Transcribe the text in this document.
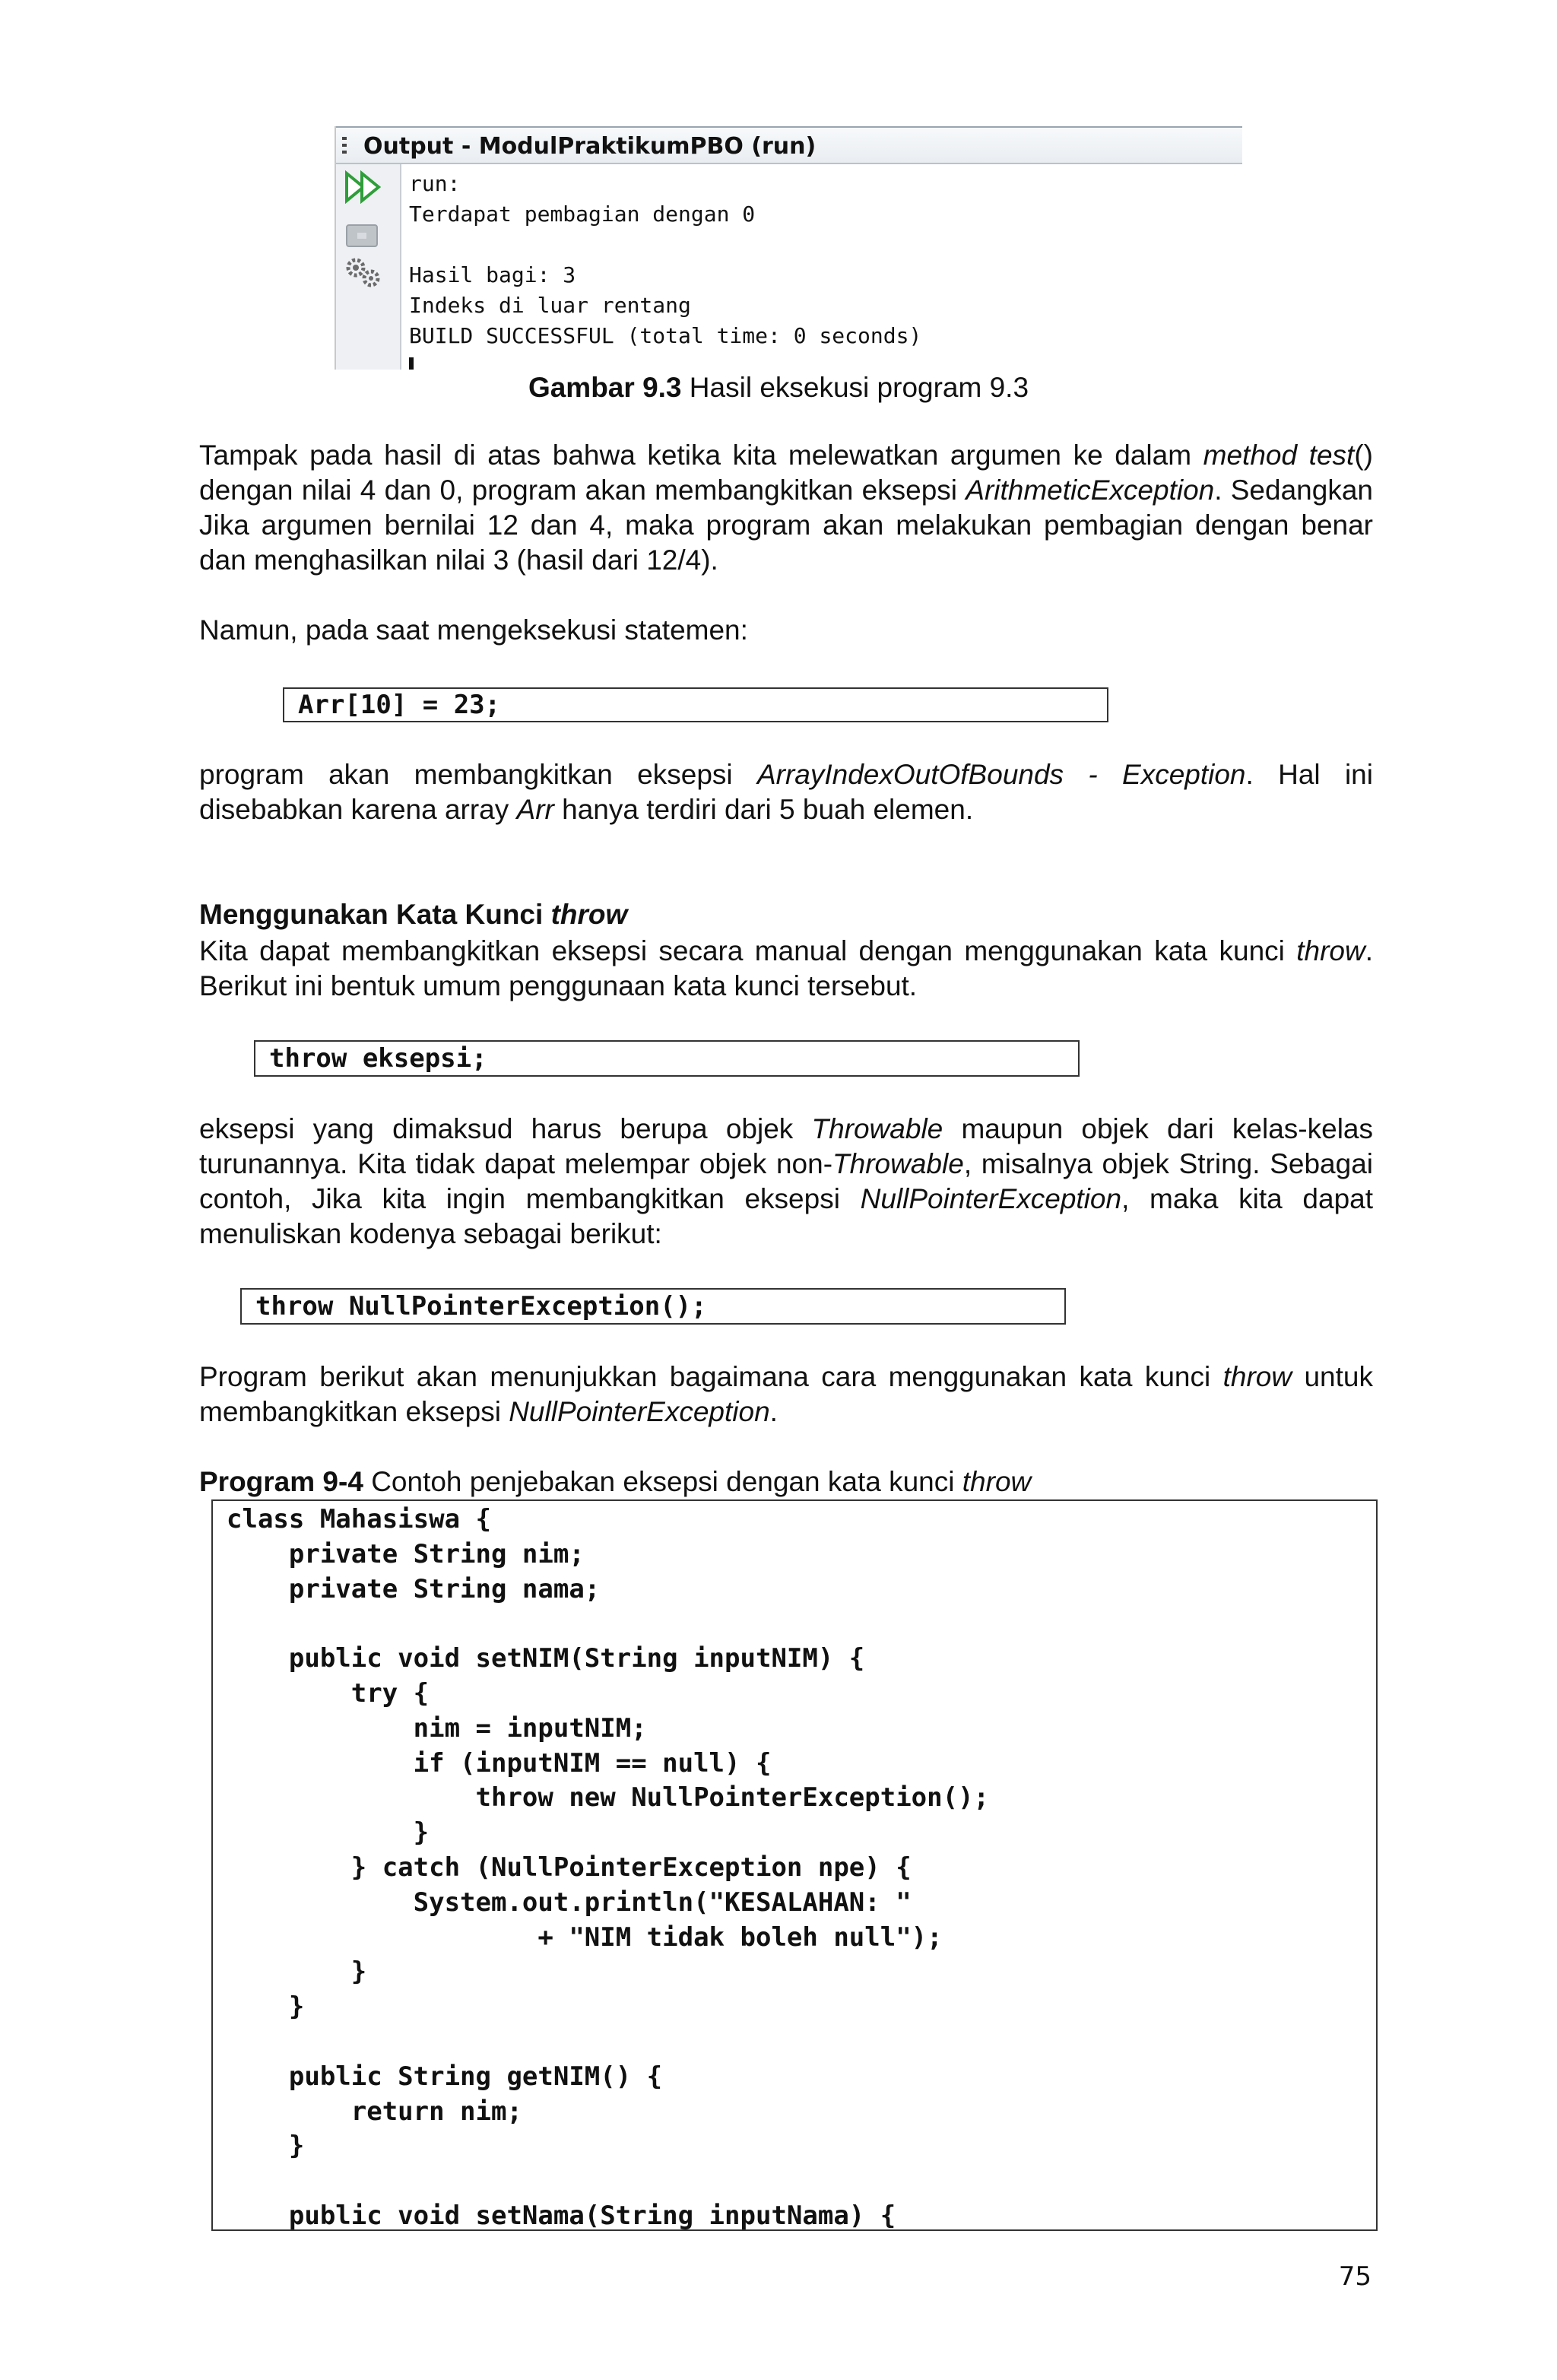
Output - ModulPraktikumPBO (run)
run:
Terdapat pembagian dengan 0
Hasil bagi: 3
Indeks di luar rentang
BUILD SUCCESSFUL (total time: 0 seconds)
Gambar 9.3 Hasil eksekusi program 9.3

Tampak pada hasil di atas bahwa ketika kita melewatkan argumen ke dalam method test() dengan nilai 4 dan 0, program akan membangkitkan eksepsi ArithmeticException. Sedangkan Jika argumen bernilai 12 dan 4, maka program akan melakukan pembagian dengan benar dan menghasilkan nilai 3 (hasil dari 12/4).

Namun, pada saat mengeksekusi statemen:

Arr[10] = 23;

program akan membangkitkan eksepsi ArrayIndexOutOfBounds - Exception. Hal ini disebabkan karena array Arr hanya terdiri dari 5 buah elemen.

Menggunakan Kata Kunci throw

Kita dapat membangkitkan eksepsi secara manual dengan menggunakan kata kunci throw. Berikut ini bentuk umum penggunaan kata kunci tersebut.

throw eksepsi;

eksepsi yang dimaksud harus berupa objek Throwable maupun objek dari kelas-kelas turunannya. Kita tidak dapat melempar objek non-Throwable, misalnya objek String. Sebagai contoh, Jika kita ingin membangkitkan eksepsi NullPointerException, maka kita dapat menuliskan kodenya sebagai berikut:

throw NullPointerException();

Program berikut akan menunjukkan bagaimana cara menggunakan kata kunci throw untuk membangkitkan eksepsi NullPointerException.

Program 9-4 Contoh penjebakan eksepsi dengan kata kunci throw
class Mahasiswa {
private String nim;
private String nama;
public void setNIM(String inputNIM) {
try {
nim = inputNIM;
if (inputNIM == null) {
throw new NullPointerException();
}
} catch (NullPointerException npe) {
System.out.println("KESALAHAN: "
+ "NIM tidak boleh null");
}
}
public String getNIM() {
return nim;
}
public void setNama(String inputNama) {
75
